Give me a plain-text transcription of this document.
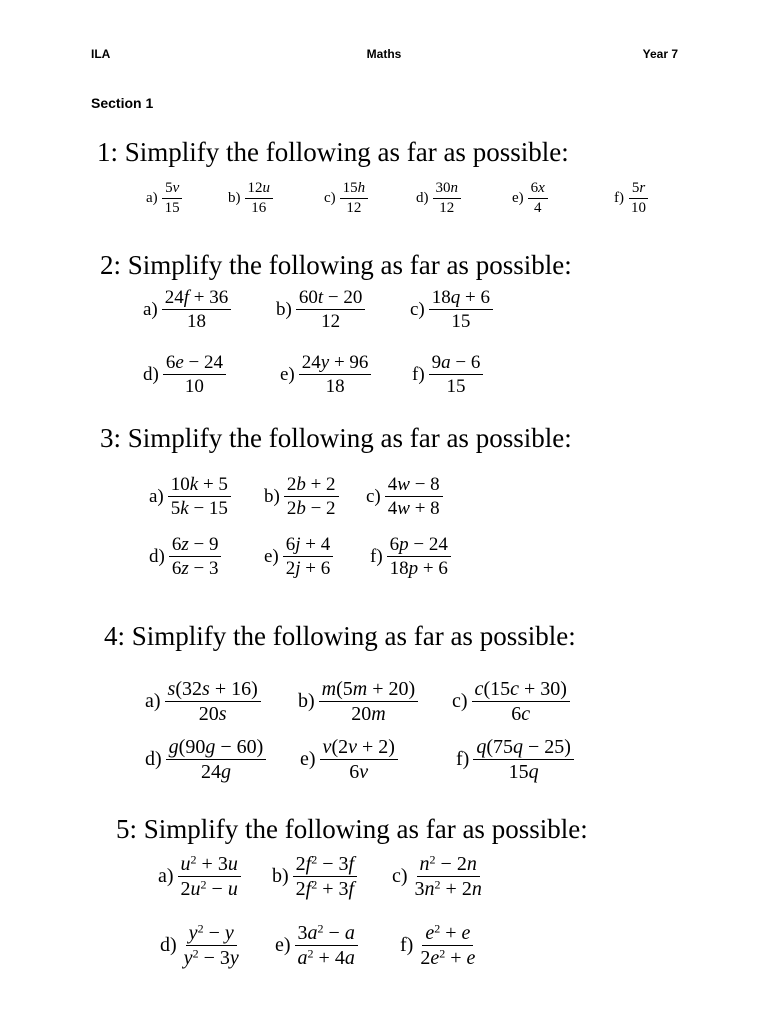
ILA	Maths	Year 7
Section 1
1: Simplify the following as far as possible:
$a) \frac{5v}{15}$	$b) \frac{12u}{16}$	$c) \frac{15h}{12}$	$d) \frac{30n}{12}$	$e) \frac{6x}{4}$	$f) \frac{5r}{10}$
2: Simplify the following as far as possible:
$a) \frac{24f + 36}{18} b) \frac{60t - 20}{12} c) \frac{18q + 6}{15}$
$d) \frac{6e - 24}{10}$	$e) \frac{24y + 96}{18} f) \frac{9a - 6}{15}$
3: Simplify the following as far as possible:
$a) \frac{10k + 5}{5k - 15} b) \frac{2b + 2}{2b - 2} c) \frac{4w - 8}{4w + 8}$
$d) \frac{6z - 9}{6z - 3} e) \frac{6j + 4}{2j + 6} f) \frac{6p - 24}{18p + 6}$
4: Simplify the following as far as possible:
$a) \frac{s(32s + 16)}{20s} b) \frac{m(5m + 20)}{20m} c) \frac{c(15c + 30)}{6c}$
$d) \frac{g(90g - 60)}{24g} e) \frac{v(2v + 2)}{6v}$	$f) \frac{q(75q - 25)}{15q}$
5: Simplify the following as far as possible:
$a) \frac{u^2 + 3u}{2u^2 - u} b) \frac{2f^2 - 3f}{2f^2 + 3f} c) \frac{n^2 - 2n}{3n^2 + 2n}$
$d) \frac{y^2 - y}{y^2 - 3y} e) \frac{3a^2 - a}{a^2 + 4a} f) \frac{e^2 + e}{2e^2 + e}$
